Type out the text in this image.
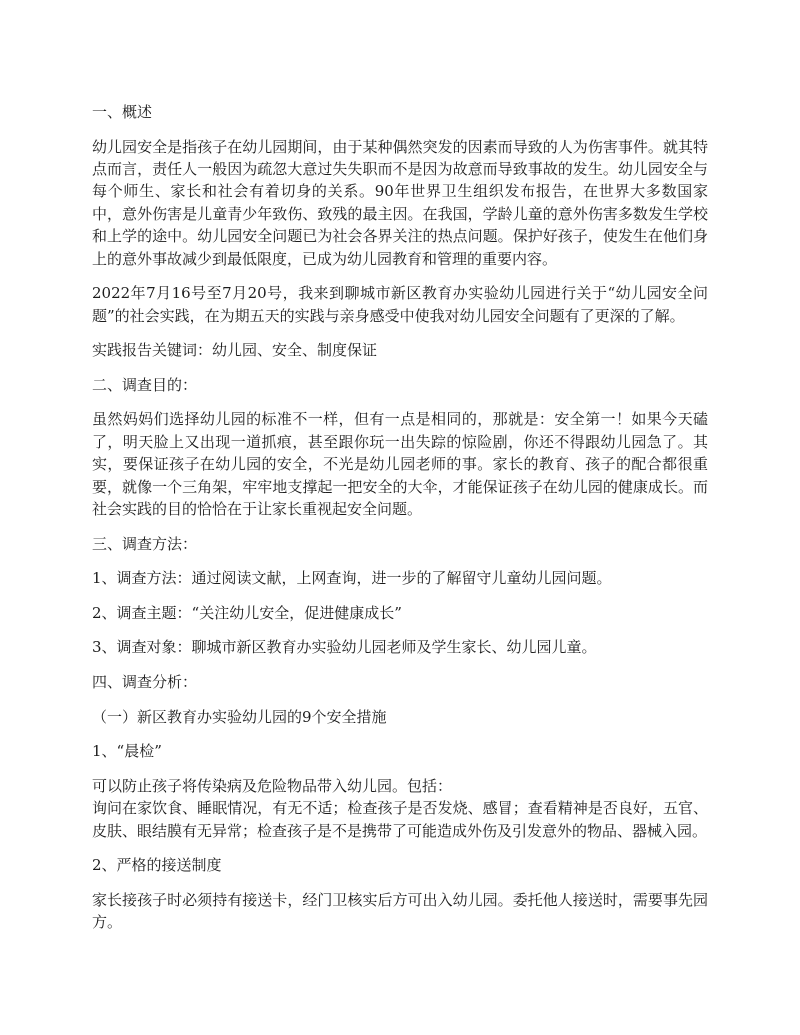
一、概述

幼儿园安全是指孩子在幼儿园期间，由于某种偶然突发的因素而导致的人为伤害事件。就其特点而言，责任人一般因为疏忽大意过失失职而不是因为故意而导致事故的发生。幼儿园安全与每个师生、家长和社会有着切身的关系。90年世界卫生组织发布报告，在世界大多数国家中，意外伤害是儿童青少年致伤、致残的最主因。在我国，学龄儿童的意外伤害多数发生学校和上学的途中。幼儿园安全问题已为社会各界关注的热点问题。保护好孩子，使发生在他们身上的意外事故减少到最低限度，已成为幼儿园教育和管理的重要内容。

2022年7月16号至7月20号，我来到聊城市新区教育办实验幼儿园进行关于“幼儿园安全问题”的社会实践，在为期五天的实践与亲身感受中使我对幼儿园安全问题有了更深的了解。

实践报告关键词：幼儿园、安全、制度保证

二、调查目的：

虽然妈妈们选择幼儿园的标准不一样，但有一点是相同的，那就是：安全第一！如果今天磕了，明天脸上又出现一道抓痕，甚至跟你玩一出失踪的惊险剧，你还不得跟幼儿园急了。其实，要保证孩子在幼儿园的安全，不光是幼儿园老师的事。家长的教育、孩子的配合都很重要，就像一个三角架，牢牢地支撑起一把安全的大伞，才能保证孩子在幼儿园的健康成长。而社会实践的目的恰恰在于让家长重视起安全问题。

三、调查方法：

1、调查方法：通过阅读文献，上网查询，进一步的了解留守儿童幼儿园问题。

2、调查主题：“关注幼儿安全，促进健康成长”

3、调查对象：聊城市新区教育办实验幼儿园老师及学生家长、幼儿园儿童。

四、调查分析：

（一）新区教育办实验幼儿园的9个安全措施

1、“晨检”

可以防止孩子将传染病及危险物品带入幼儿园。包括：
询问在家饮食、睡眠情况，有无不适；检查孩子是否发烧、感冒；查看精神是否良好，五官、皮肤、眼结膜有无异常；检查孩子是不是携带了可能造成外伤及引发意外的物品、器械入园。

2、严格的接送制度

家长接孩子时必须持有接送卡，经门卫核实后方可出入幼儿园。委托他人接送时，需要事先园方。
